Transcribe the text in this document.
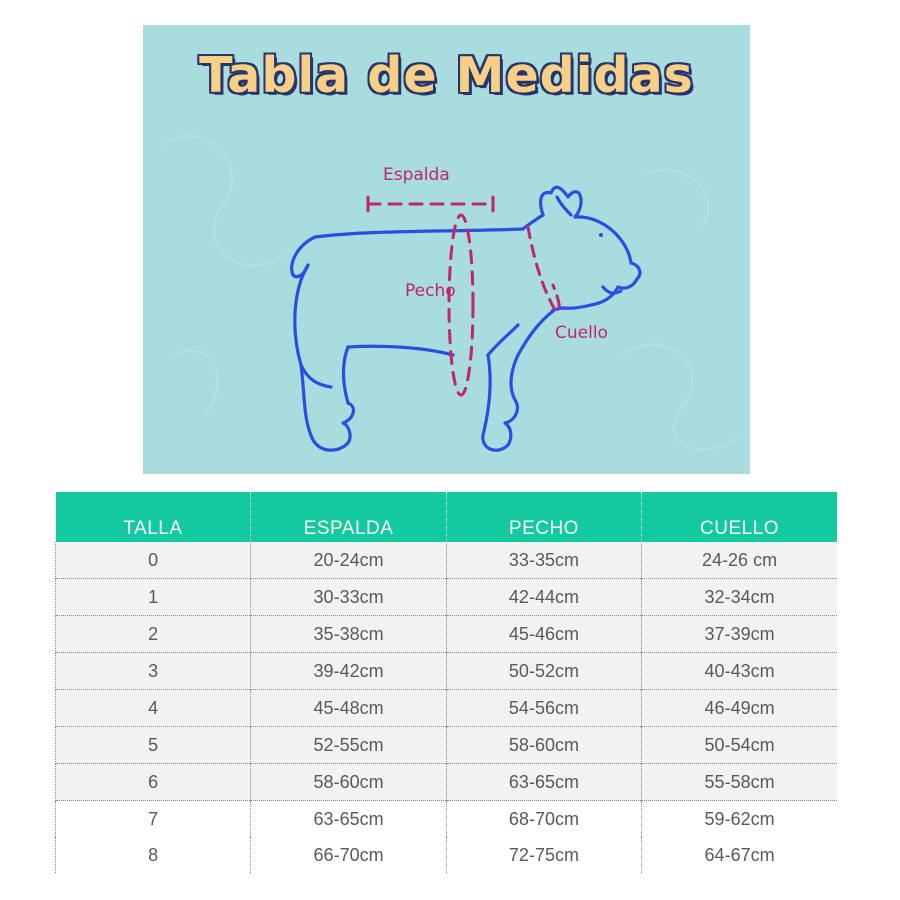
Tabla de Medidas
Espalda
Pecho
Cuello
TALLA	ESPALDA	PECHO	CUELLO
0	20-24cm	33-35cm	24-26 cm
1	30-33cm	42-44cm	32-34cm
2	35-38cm	45-46cm	37-39cm
3	39-42cm	50-52cm	40-43cm
4	45-48cm	54-56cm	46-49cm
5	52-55cm	58-60cm	50-54cm
6	58-60cm	63-65cm	55-58cm
7	63-65cm	68-70cm	59-62cm
8	66-70cm	72-75cm	64-67cm
